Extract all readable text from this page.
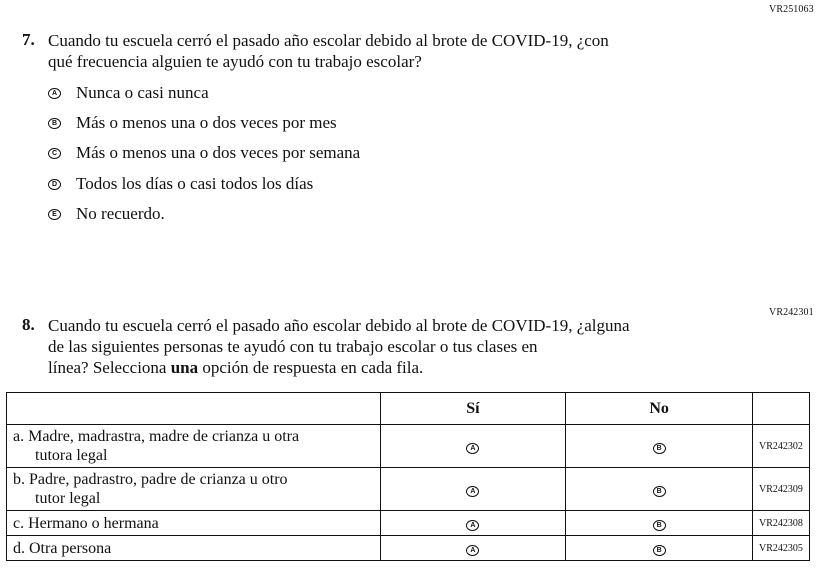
VR251063
7. Cuando tu escuela cerró el pasado año escolar debido al brote de COVID-19, ¿con
qué frecuencia alguien te ayudó con tu trabajo escolar?
A Nunca o casi nunca
B Más o menos una o dos veces por mes
C Más o menos una o dos veces por semana
D Todos los días o casi todos los días
E No recuerdo.
VR242301
8. Cuando tu escuela cerró el pasado año escolar debido al brote de COVID-19, ¿alguna
de las siguientes personas te ayudó con tu trabajo escolar o tus clases en
línea? Selecciona una opción de respuesta en cada fila.
	Sí	No	
a. Madre, madrastra, madre de crianza u otra
tutora legal	A	B	VR242302
b. Padre, padrastro, padre de crianza u otro
tutor legal	A	B	VR242309
c. Hermano o hermana	A	B	VR242308
d. Otra persona	A	B	VR242305
